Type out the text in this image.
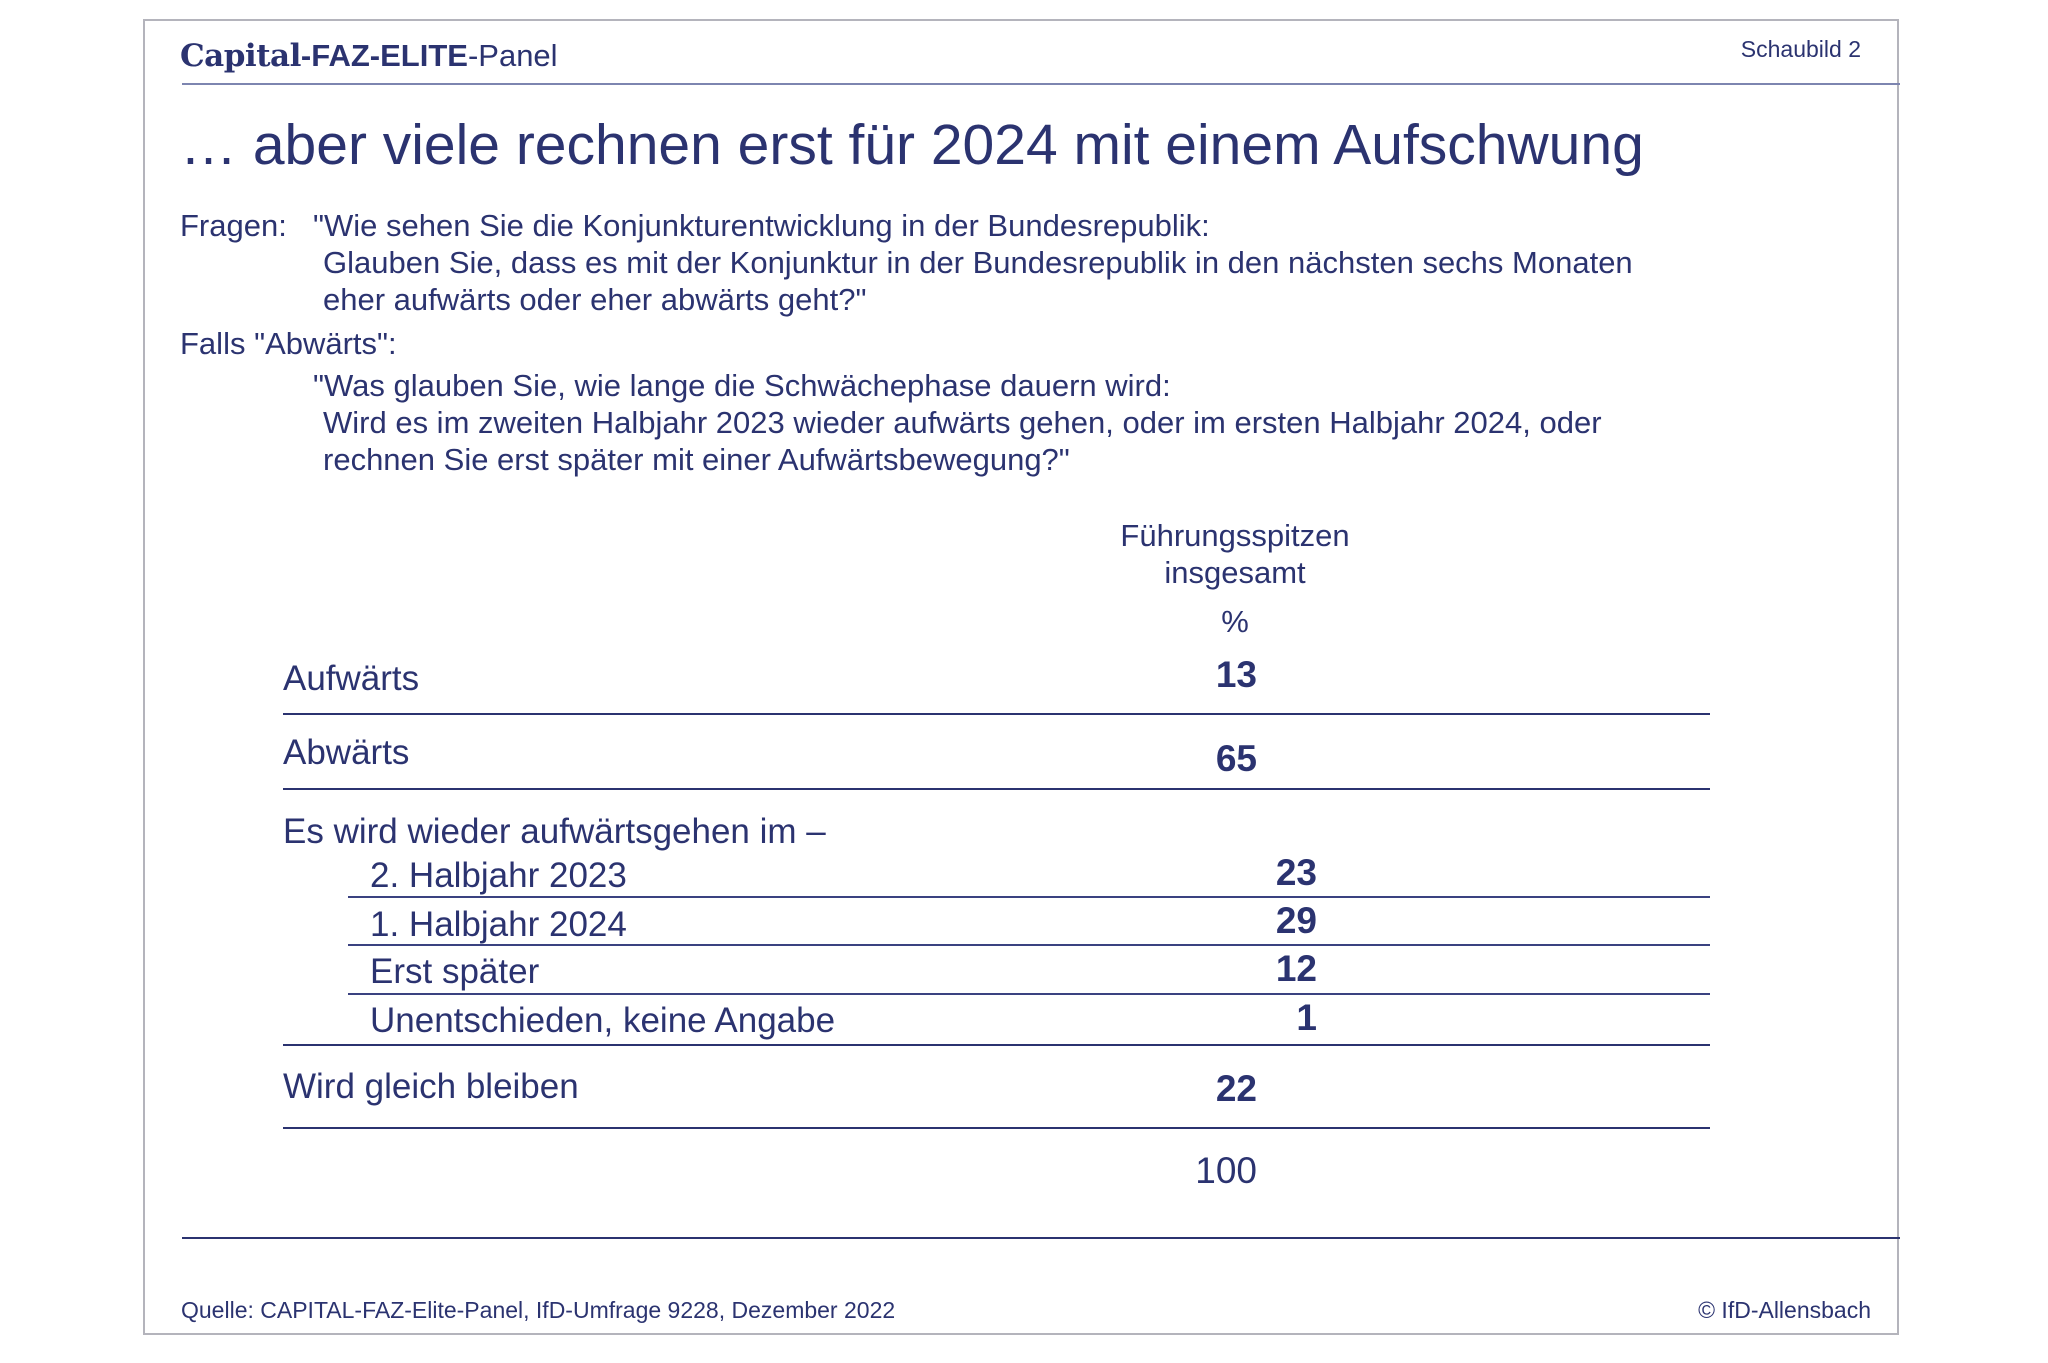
Capital-FAZ-ELITE-Panel	Schaubild 2
… aber viele rechnen erst für 2024 mit einem Aufschwung
Fragen: "Wie sehen Sie die Konjunkturentwicklung in der Bundesrepublik:
Glauben Sie, dass es mit der Konjunktur in der Bundesrepublik in den nächsten sechs Monaten
eher aufwärts oder eher abwärts geht?"
Falls "Abwärts":
"Was glauben Sie, wie lange die Schwächephase dauern wird:
Wird es im zweiten Halbjahr 2023 wieder aufwärts gehen, oder im ersten Halbjahr 2024, oder
rechnen Sie erst später mit einer Aufwärtsbewegung?"
Führungsspitzen
insgesamt
%
Aufwärts	13
Abwärts	65
Es wird wieder aufwärtsgehen im –
2. Halbjahr 2023	23
1. Halbjahr 2024	29
Erst später	12
Unentschieden, keine Angabe	1
Wird gleich bleiben	22
100
Quelle: CAPITAL-FAZ-Elite-Panel, IfD-Umfrage 9228, Dezember 2022	© IfD-Allensbach
